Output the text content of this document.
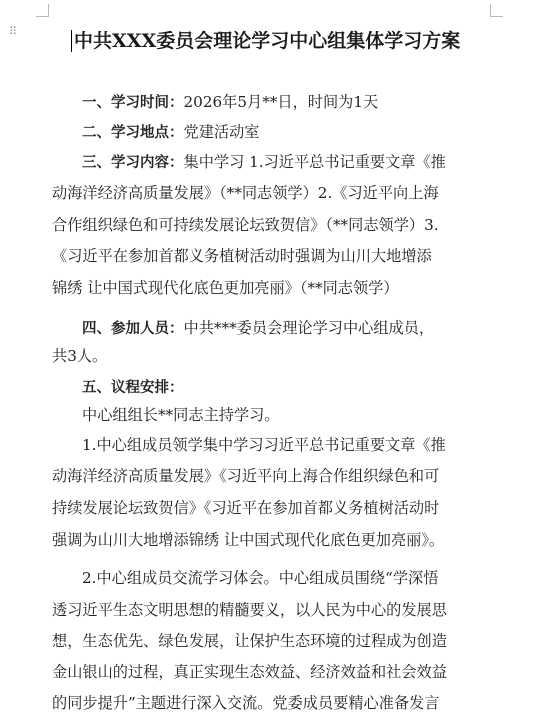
⠿	中共XXX委员会理论学习中心组集体学习方案
一、学习时间：2026年5月**日，时间为1天
二、学习地点：党建活动室
三、学习内容：集中学习 1.习近平总书记重要文章《推
动海洋经济高质量发展》（**同志领学）2.《习近平向上海
合作组织绿色和可持续发展论坛致贺信》（**同志领学）3.
《习近平在参加首都义务植树活动时强调为山川大地增添
锦绣 让中国式现代化底色更加亮丽》（**同志领学）
四、参加人员：中共***委员会理论学习中心组成员，
共3人。
五、议程安排：
中心组组长**同志主持学习。
1.中心组成员领学集中学习习近平总书记重要文章《推
动海洋经济高质量发展》《习近平向上海合作组织绿色和可
持续发展论坛致贺信》《习近平在参加首都义务植树活动时
强调为山川大地增添锦绣 让中国式现代化底色更加亮丽》。
2.中心组成员交流学习体会。中心组成员围绕“学深悟
透习近平生态文明思想的精髓要义，以人民为中心的发展思
想，生态优先、绿色发展，让保护生态环境的过程成为创造
金山银山的过程，真正实现生态效益、经济效益和社会效益
的同步提升”主题进行深入交流。党委成员要精心准备发言
